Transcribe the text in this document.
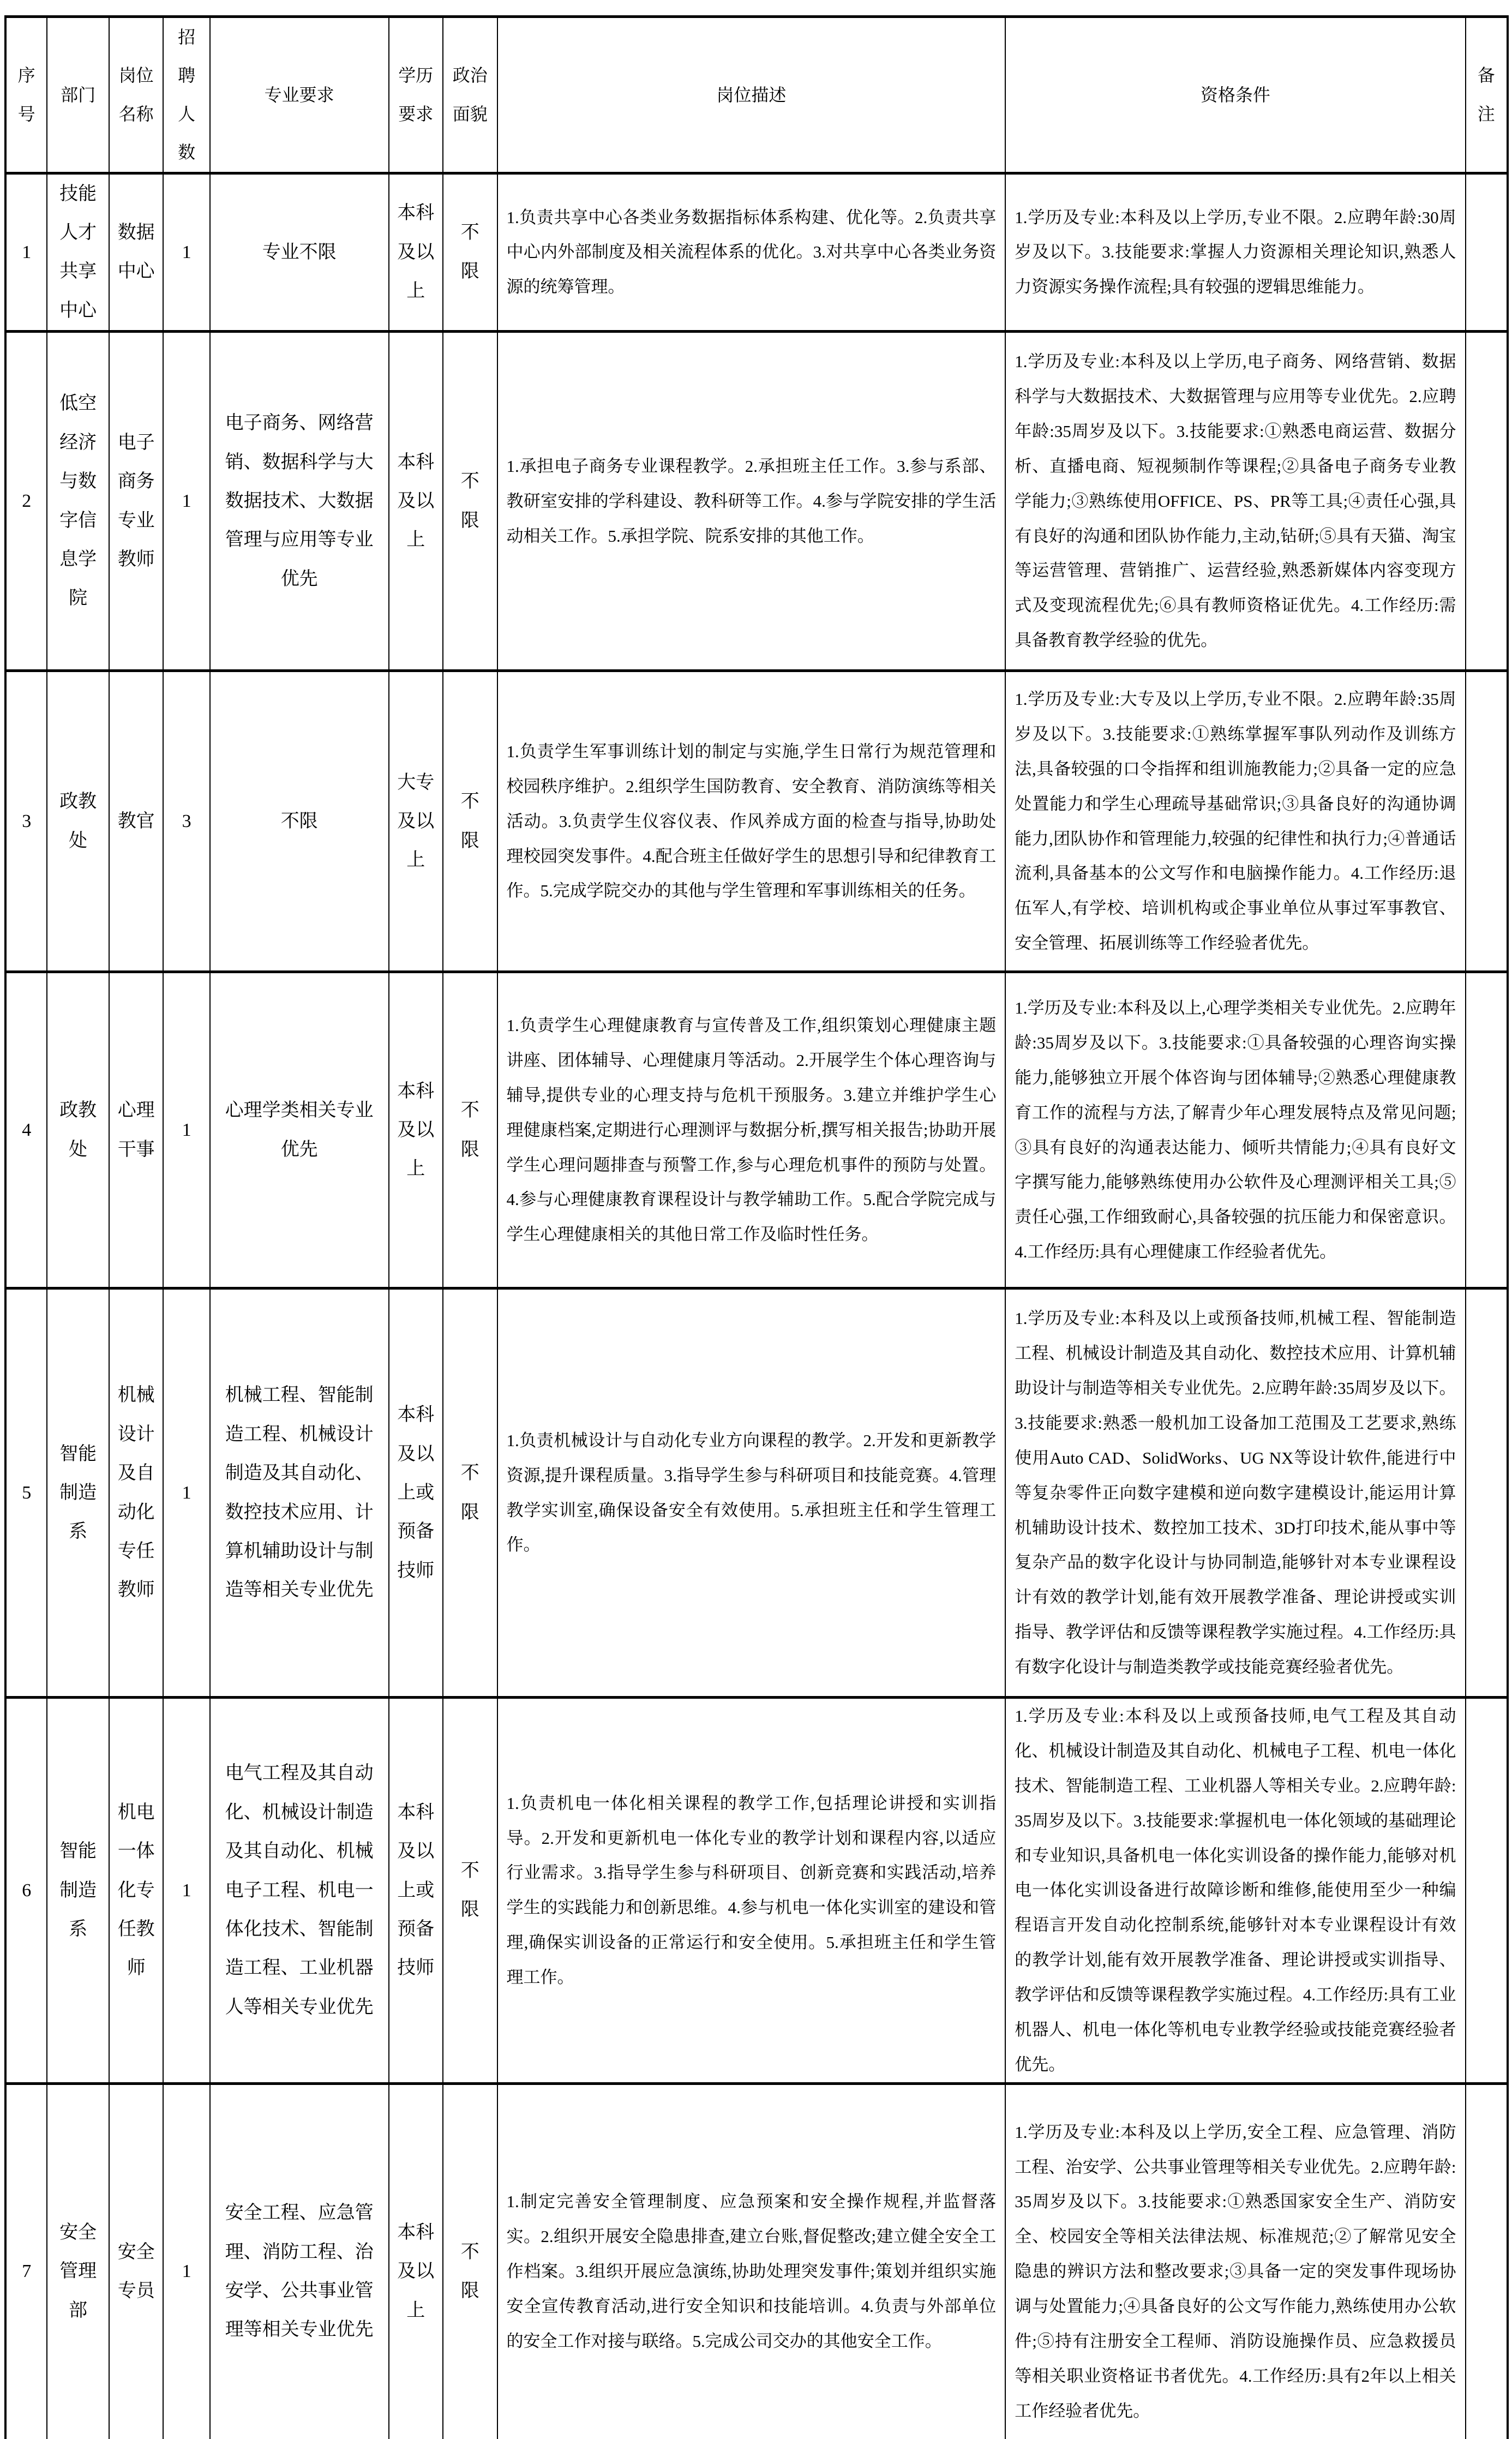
序号	部门	岗位名称	招聘人数	专业要求	学历要求	政治面貌	岗位描述	资格条件	备注
1	技能人才共享中心	数据中心	1	专业不限	本科及以上	不限	1.负责共享中心各类业务数据指标体系构建、优化等。2.负责共享中心内外部制度及相关流程体系的优化。3.对共享中心各类业务资源的统筹管理。	1.学历及专业:本科及以上学历,专业不限。2.应聘年龄:30周岁及以下。3.技能要求:掌握人力资源相关理论知识,熟悉人力资源实务操作流程;具有较强的逻辑思维能力。	
2	低空经济与数字信息学院	电子商务专业教师	1	电子商务、网络营销、数据科学与大数据技术、大数据管理与应用等专业优先	本科及以上	不限	1.承担电子商务专业课程教学。2.承担班主任工作。3.参与系部、教研室安排的学科建设、教科研等工作。4.参与学院安排的学生活动相关工作。5.承担学院、院系安排的其他工作。	1.学历及专业:本科及以上学历,电子商务、网络营销、数据科学与大数据技术、大数据管理与应用等专业优先。2.应聘年龄:35周岁及以下。3.技能要求:①熟悉电商运营、数据分析、直播电商、短视频制作等课程;②具备电子商务专业教学能力;③熟练使用OFFICE、PS、PR等工具;④责任心强,具有良好的沟通和团队协作能力,主动,钻研;⑤具有天猫、淘宝等运营管理、营销推广、运营经验,熟悉新媒体内容变现方式及变现流程优先;⑥具有教师资格证优先。4.工作经历:需具备教育教学经验的优先。	
3	政教处	教官	3	不限	大专及以上	不限	1.负责学生军事训练计划的制定与实施,学生日常行为规范管理和校园秩序维护。2.组织学生国防教育、安全教育、消防演练等相关活动。3.负责学生仪容仪表、作风养成方面的检查与指导,协助处理校园突发事件。4.配合班主任做好学生的思想引导和纪律教育工作。5.完成学院交办的其他与学生管理和军事训练相关的任务。	1.学历及专业:大专及以上学历,专业不限。2.应聘年龄:35周岁及以下。3.技能要求:①熟练掌握军事队列动作及训练方法,具备较强的口令指挥和组训施教能力;②具备一定的应急处置能力和学生心理疏导基础常识;③具备良好的沟通协调能力,团队协作和管理能力,较强的纪律性和执行力;④普通话流利,具备基本的公文写作和电脑操作能力。4.工作经历:退伍军人,有学校、培训机构或企事业单位从事过军事教官、安全管理、拓展训练等工作经验者优先。	
4	政教处	心理干事	1	心理学类相关专业优先	本科及以上	不限	1.负责学生心理健康教育与宣传普及工作,组织策划心理健康主题讲座、团体辅导、心理健康月等活动。2.开展学生个体心理咨询与辅导,提供专业的心理支持与危机干预服务。3.建立并维护学生心理健康档案,定期进行心理测评与数据分析,撰写相关报告;协助开展学生心理问题排查与预警工作,参与心理危机事件的预防与处置。4.参与心理健康教育课程设计与教学辅助工作。5.配合学院完成与学生心理健康相关的其他日常工作及临时性任务。	1.学历及专业:本科及以上,心理学类相关专业优先。2.应聘年龄:35周岁及以下。3.技能要求:①具备较强的心理咨询实操能力,能够独立开展个体咨询与团体辅导;②熟悉心理健康教育工作的流程与方法,了解青少年心理发展特点及常见问题;③具有良好的沟通表达能力、倾听共情能力;④具有良好文字撰写能力,能够熟练使用办公软件及心理测评相关工具;⑤责任心强,工作细致耐心,具备较强的抗压能力和保密意识。4.工作经历:具有心理健康工作经验者优先。	
5	智能制造系	机械设计及自动化专任教师	1	机械工程、智能制造工程、机械设计制造及其自动化、数控技术应用、计算机辅助设计与制造等相关专业优先	本科及以上或预备技师	不限	1.负责机械设计与自动化专业方向课程的教学。2.开发和更新教学资源,提升课程质量。3.指导学生参与科研项目和技能竞赛。4.管理教学实训室,确保设备安全有效使用。5.承担班主任和学生管理工作。	1.学历及专业:本科及以上或预备技师,机械工程、智能制造工程、机械设计制造及其自动化、数控技术应用、计算机辅助设计与制造等相关专业优先。2.应聘年龄:35周岁及以下。3.技能要求:熟悉一般机加工设备加工范围及工艺要求,熟练使用Auto CAD、SolidWorks、UG NX等设计软件,能进行中等复杂零件正向数字建模和逆向数字建模设计,能运用计算机辅助设计技术、数控加工技术、3D打印技术,能从事中等复杂产品的数字化设计与协同制造,能够针对本专业课程设计有效的教学计划,能有效开展教学准备、理论讲授或实训指导、教学评估和反馈等课程教学实施过程。4.工作经历:具有数字化设计与制造类教学或技能竞赛经验者优先。	
6	智能制造系	机电一体化专任教师	1	电气工程及其自动化、机械设计制造及其自动化、机械电子工程、机电一体化技术、智能制造工程、工业机器人等相关专业优先	本科及以上或预备技师	不限	1.负责机电一体化相关课程的教学工作,包括理论讲授和实训指导。2.开发和更新机电一体化专业的教学计划和课程内容,以适应行业需求。3.指导学生参与科研项目、创新竞赛和实践活动,培养学生的实践能力和创新思维。4.参与机电一体化实训室的建设和管理,确保实训设备的正常运行和安全使用。5.承担班主任和学生管理工作。	1.学历及专业:本科及以上或预备技师,电气工程及其自动化、机械设计制造及其自动化、机械电子工程、机电一体化技术、智能制造工程、工业机器人等相关专业。2.应聘年龄:35周岁及以下。3.技能要求:掌握机电一体化领域的基础理论和专业知识,具备机电一体化实训设备的操作能力,能够对机电一体化实训设备进行故障诊断和维修,能使用至少一种编程语言开发自动化控制系统,能够针对本专业课程设计有效的教学计划,能有效开展教学准备、理论讲授或实训指导、教学评估和反馈等课程教学实施过程。4.工作经历:具有工业机器人、机电一体化等机电专业教学经验或技能竞赛经验者优先。	
7	安全管理部	安全专员	1	安全工程、应急管理、消防工程、治安学、公共事业管理等相关专业优先	本科及以上	不限	1.制定完善安全管理制度、应急预案和安全操作规程,并监督落实。2.组织开展安全隐患排查,建立台账,督促整改;建立健全安全工作档案。3.组织开展应急演练,协助处理突发事件;策划并组织实施安全宣传教育活动,进行安全知识和技能培训。4.负责与外部单位的安全工作对接与联络。5.完成公司交办的其他安全工作。	1.学历及专业:本科及以上学历,安全工程、应急管理、消防工程、治安学、公共事业管理等相关专业优先。2.应聘年龄:35周岁及以下。3.技能要求:①熟悉国家安全生产、消防安全、校园安全等相关法律法规、标准规范;②了解常见安全隐患的辨识方法和整改要求;③具备一定的突发事件现场协调与处置能力;④具备良好的公文写作能力,熟练使用办公软件;⑤持有注册安全工程师、消防设施操作员、应急救援员等相关职业资格证书者优先。4.工作经历:具有2年以上相关工作经验者优先。	
